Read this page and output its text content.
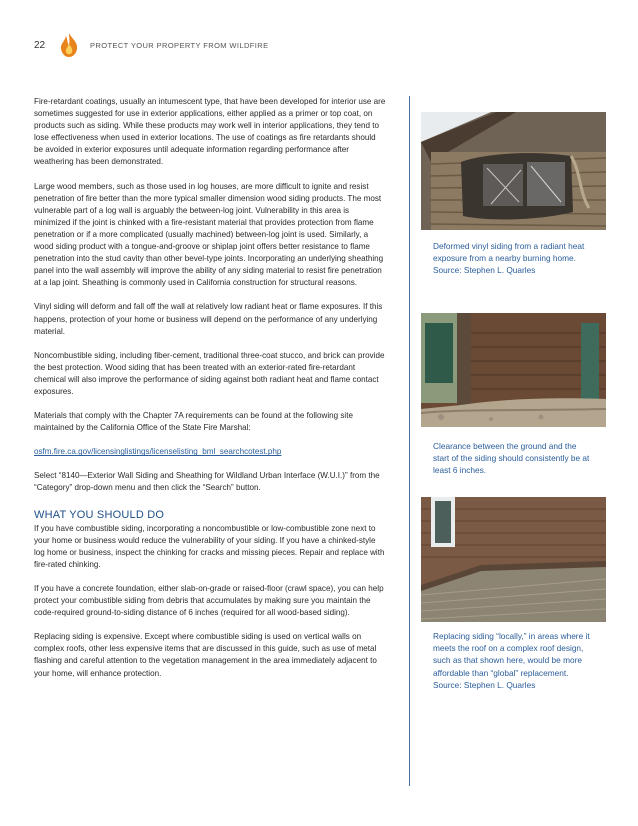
22	PROTECT YOUR PROPERTY FROM WILDFIRE

Fire-retardant coatings, usually an intumescent type, that have been developed for interior use are sometimes suggested for use in exterior applications, either applied as a primer or top coat, on products such as siding. While these products may work well in interior applications, they tend to lose effectiveness when used in exterior locations. The use of coatings as fire retardants should be avoided in exterior exposures until adequate information regarding performance after weathering has been demonstrated.

Large wood members, such as those used in log houses, are more difficult to ignite and resist penetration of fire better than the more typical smaller dimension wood siding products. The most vulnerable part of a log wall is arguably the between-log joint. Vulnerability in this area is minimized if the joint is chinked with a fire-resistant material that provides protection from flame penetration or if a more complicated (usually machined) between-log joint is used. Similarly, a wood siding product with a tongue-and-groove or shiplap joint offers better resistance to flame penetration into the stud cavity than other bevel-type joints. Incorporating an underlying sheathing panel into the wall assembly will improve the ability of any siding material to resist fire penetration at a lap joint. Sheathing is commonly used in California construction for structural reasons.

Vinyl siding will deform and fall off the wall at relatively low radiant heat or flame exposures. If this happens, protection of your home or business will depend on the performance of any underlying material.

Noncombustible siding, including fiber-cement, traditional three-coat stucco, and brick can provide the best protection. Wood siding that has been treated with an exterior-rated fire-retardant chemical will also improve the performance of siding against both radiant heat and flame contact exposures.

Materials that comply with the Chapter 7A requirements can be found at the following site maintained by the California Office of the State Fire Marshal:

osfm.fire.ca.gov/licensinglistings/licenselisting_bml_searchcotest.php

Select “8140—Exterior Wall Siding and Sheathing for Wildland Urban Interface (W.U.I.)” from the “Category” drop-down menu and then click the “Search” button.

WHAT YOU SHOULD DO

If you have combustible siding, incorporating a noncombustible or low-combustible zone next to your home or business would reduce the vulnerability of your siding. If you have a chinked-style log home or business, inspect the chinking for cracks and missing pieces. Repair and replace with fire-rated chinking.

If you have a concrete foundation, either slab-on-grade or raised-floor (crawl space), you can help protect your combustible siding from debris that accumulates by making sure you maintain the code-required ground-to-siding distance of 6 inches (required for all wood-based siding).

Replacing siding is expensive. Except where combustible siding is used on vertical walls on complex roofs, other less expensive items that are discussed in this guide, such as use of metal flashing and careful attention to the vegetation management in the area immediately adjacent to your home, will enhance protection.

Deformed vinyl siding from a radiant heat exposure from a nearby burning home. Source: Stephen L. Quarles
Clearance between the ground and the start of the siding should consistently be at least 6 inches.
Replacing siding “locally,” in areas where it meets the roof on a complex roof design, such as that shown here, would be more affordable than “global” replacement. Source: Stephen L. Quarles
